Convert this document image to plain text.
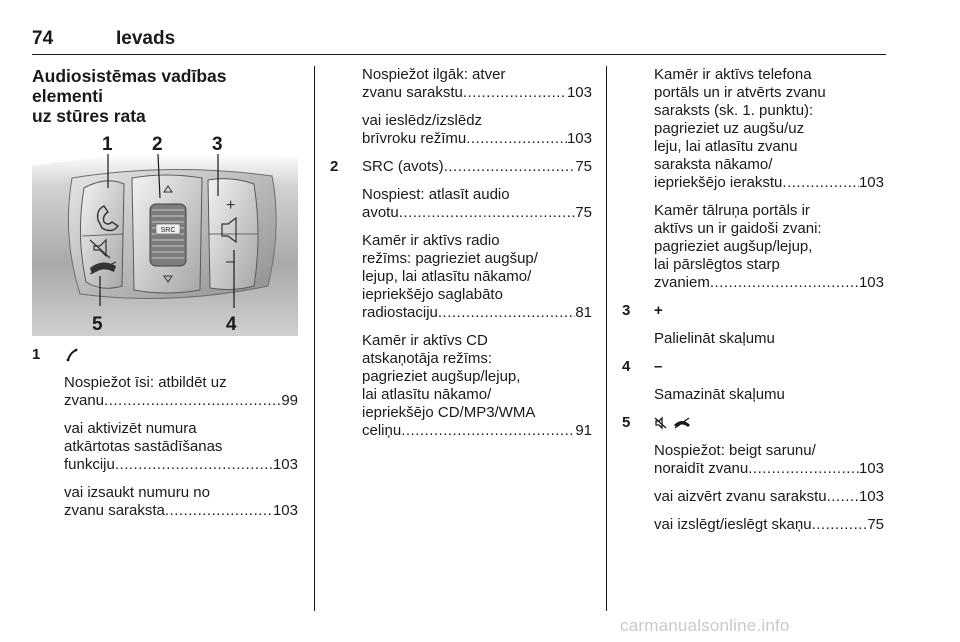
74	Ievads
Audiosistēmas vadības elementi
uz stūres rata
SRC
+
–
1 2	3
5	4
1
Nospiežot īsi: atbildēt uz
zvanu .....	99
vai aktivizēt numura
atkārtotas sastādīšanas
funkciju .....	103
vai izsaukt numuru no
zvanu saraksta .....	103
Nospiežot ilgāk: atver
zvanu sarakstu .....	103
vai ieslēdz/izslēdz
brīvroku režīmu .....	103
2 SRC (avots) .....	75
Nospiest: atlasīt audio
avotu .....	75
Kamēr ir aktīvs radio
režīms: pagrieziet augšup/
lejup, lai atlasītu nākamo/
iepriekšējo saglabāto
radiostaciju .....	81
Kamēr ir aktīvs CD
atskaņotāja režīms:
pagrieziet augšup/lejup,
lai atlasītu nākamo/
iepriekšējo CD/MP3/WMA
celiņu .....	91
Kamēr ir aktīvs telefona
portāls un ir atvērts zvanu
saraksts (sk. 1. punktu):
pagrieziet uz augšu/uz
leju, lai atlasītu zvanu
saraksta nākamo/
iepriekšējo ierakstu .....	103
Kamēr tālruņa portāls ir
aktīvs un ir gaidoši zvani:
pagrieziet augšup/lejup,
lai pārslēgtos starp
zvaniem .....	103
3 +
Palielināt skaļumu
4 –
Samazināt skaļumu
5

Nospiežot: beigt sarunu/
noraidīt zvanu .....	103
vai aizvērt zvanu sarakstu ..... 103
vai izslēgt/ieslēgt skaņu .....	75
carmanualsonline.info
